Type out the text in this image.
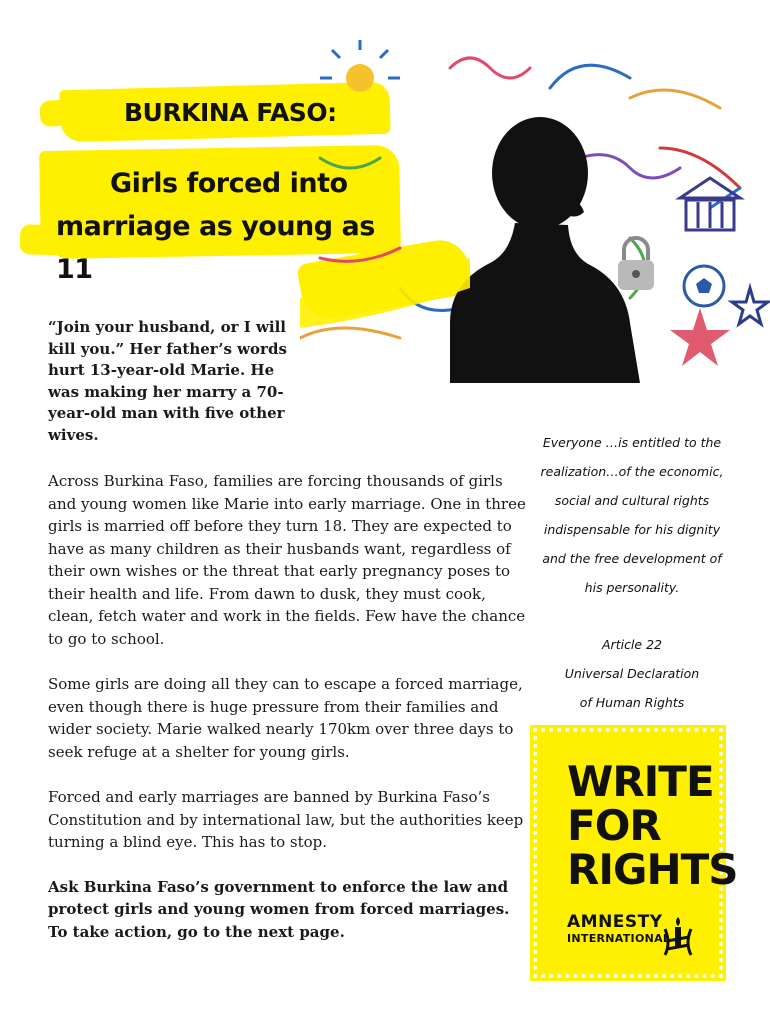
BURKINA FASO:
Girls forced into
marriage as young as 11

“Join your husband, or I will kill you.” Her father’s words hurt 13-year-old Marie. He was making her marry a 70-year-old man with five other wives.

Across Burkina Faso, families are forcing thousands of girls and young women like Marie into early marriage. One in three girls is married off before they turn 18. They are expected to have as many children as their husbands want, regardless of their own wishes or the threat that early pregnancy poses to their health and life. From dawn to dusk, they must cook, clean, fetch water and work in the fields. Few have the chance to go to school.

Some girls are doing all they can to escape a forced marriage, even though there is huge pressure from their families and wider society. Marie walked nearly 170km over three days to seek refuge at a shelter for young girls.

Forced and early marriages are banned by Burkina Faso’s Constitution and by international law, but the authorities keep turning a blind eye. This has to stop.

Ask Burkina Faso’s government to enforce the law and protect girls and young women from forced marriages. To take action, go to the next page.

Everyone …is entitled to the realization…of the economic, social and cultural rights indispensable for his dignity and the free development of his personality.

Article 22
Universal Declaration
of Human Rights
WRITE
FOR
RIGHTS
AMNESTY
INTERNATIONAL
